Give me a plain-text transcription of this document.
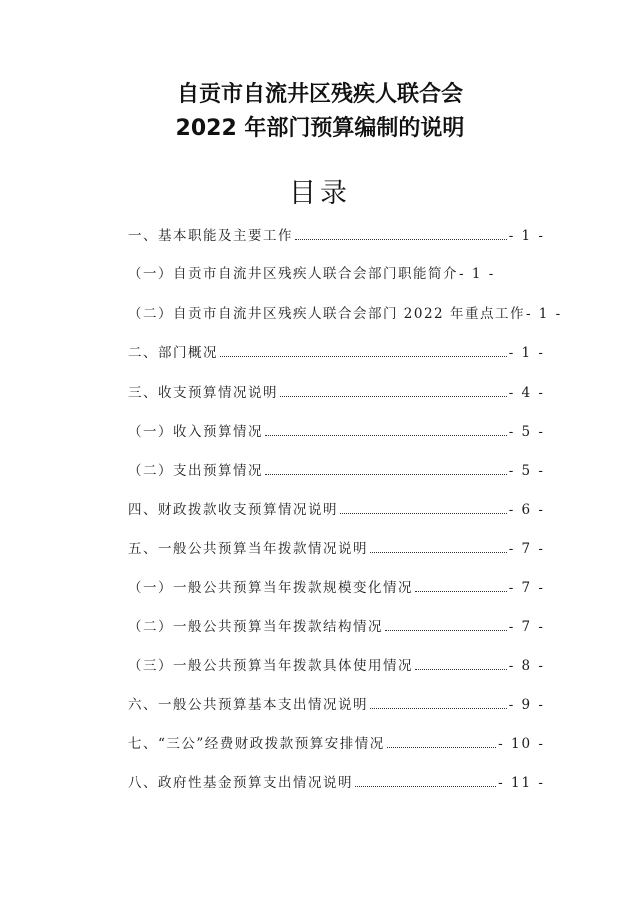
自贡市自流井区残疾人联合会
2022 年部门预算编制的说明
目录
一、基本职能及主要工作	- 1 -
（一）自贡市自流井区残疾人联合会部门职能简介 - 1 -
（二）自贡市自流井区残疾人联合会部门 2022 年重点工作 - 1 -
二、部门概况	- 1 -
三、收支预算情况说明	- 4 -
（一）收入预算情况	- 5 -
（二）支出预算情况	- 5 -
四、财政拨款收支预算情况说明	- 6 -
五、一般公共预算当年拨款情况说明	- 7 -
（一）一般公共预算当年拨款规模变化情况	- 7 -
（二）一般公共预算当年拨款结构情况	- 7 -
（三）一般公共预算当年拨款具体使用情况	- 8 -
六、一般公共预算基本支出情况说明	- 9 -
七、“三公”经费财政拨款预算安排情况	- 10 -
八、政府性基金预算支出情况说明	- 11 -
